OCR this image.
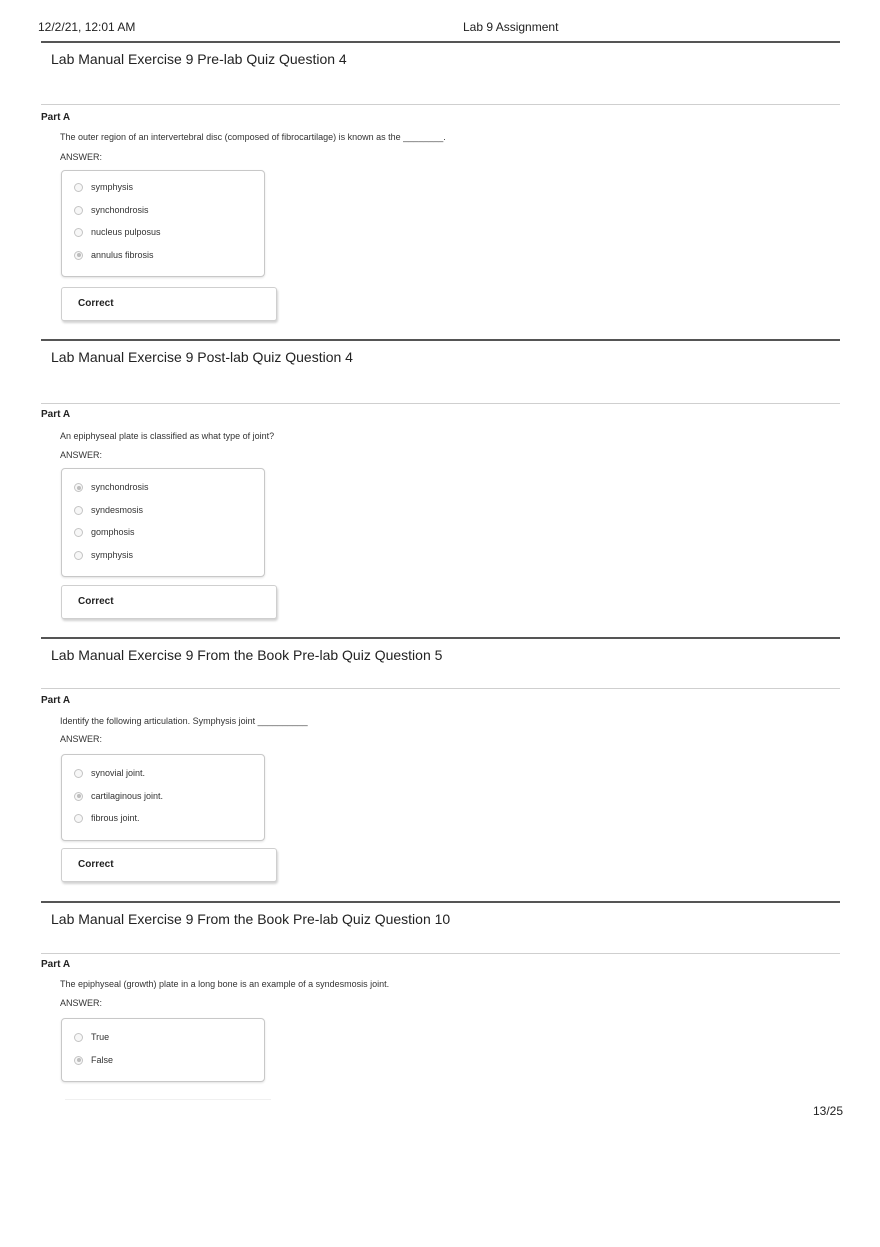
12/2/21, 12:01 AM	Lab 9 Assignment
Lab Manual Exercise 9 Pre-lab Quiz Question 4
Part A
The outer region of an intervertebral disc (composed of fibrocartilage) is known as the ________.
ANSWER:
symphysis
synchondrosis
nucleus pulposus
annulus fibrosis
Correct
Lab Manual Exercise 9 Post-lab Quiz Question 4
Part A
An epiphyseal plate is classified as what type of joint?
ANSWER:
synchondrosis
syndesmosis
gomphosis
symphysis
Correct
Lab Manual Exercise 9 From the Book Pre-lab Quiz Question 5
Part A
Identify the following articulation. Symphysis joint __________
ANSWER:
synovial joint.
cartilaginous joint.
fibrous joint.
Correct
Lab Manual Exercise 9 From the Book Pre-lab Quiz Question 10
Part A
The epiphyseal (growth) plate in a long bone is an example of a syndesmosis joint.
ANSWER:
True
False
13/25
